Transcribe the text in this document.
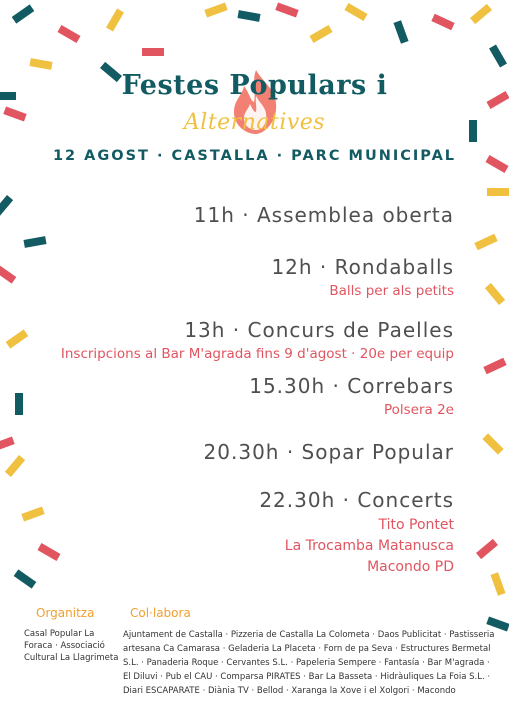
Festes Populars i
Alternatives
12 AGOST · CASTALLA · PARC MUNICIPAL
11h · Assemblea oberta
12h · Rondaballs
Balls per als petits
13h · Concurs de Paelles
Inscripcions al Bar M'agrada fins 9 d'agost · 20e per equip
15.30h · Correbars
Polsera 2e
20.30h · Sopar Popular
22.30h · Concerts
Tito Pontet
La Trocamba Matanusca
Macondo PD
Organitza	Col·labora
Casal Popular La Foraca · Associació Cultural La Llagrimeta
Ajuntament de Castalla · Pizzeria de Castalla La Colometa · Daos Publicitat · Pastisseria artesana Ca Camarasa · Geladeria La Placeta · Forn de pa Seva · Estructures Bermetal S.L. · Panaderia Roque · Cervantes S.L. · Papeleria Sempere · Fantasía · Bar M'agrada · El Diluvi · Pub el CAU · Comparsa PIRATES · Bar La Basseta · Hidràuliques La Foia S.L. · Diari ESCAPARATE · Diània TV · Bellod · Xaranga la Xove i el Xolgori · Macondo
